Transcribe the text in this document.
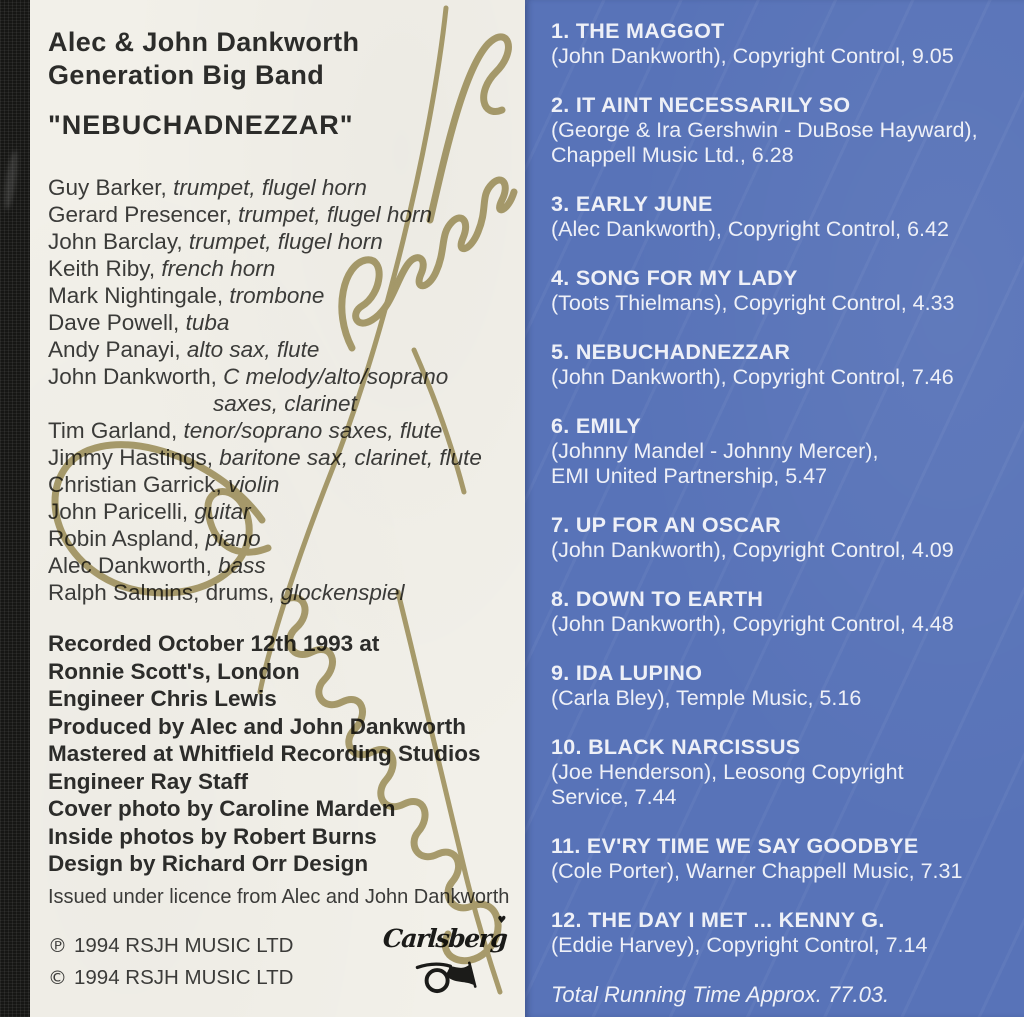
Alec & John Dankworth
Generation Big Band
"NEBUCHADNEZZAR"
Guy Barker, trumpet, flugel horn
Gerard Presencer, trumpet, flugel horn
John Barclay, trumpet, flugel horn
Keith Riby, french horn
Mark Nightingale, trombone
Dave Powell, tuba
Andy Panayi, alto sax, flute
John Dankworth, C melody/alto/soprano
saxes, clarinet
Tim Garland, tenor/soprano saxes, flute
Jimmy Hastings, baritone sax, clarinet, flute
Christian Garrick, violin
John Paricelli, guitar
Robin Aspland, piano
Alec Dankworth, bass
Ralph Salmins, drums, glockenspiel
Recorded October 12th 1993 at
Ronnie Scott's, London
Engineer Chris Lewis
Produced by Alec and John Dankworth
Mastered at Whitfield Recording Studios
Engineer Ray Staff
Cover photo by Caroline Marden
Inside photos by Robert Burns
Design by Richard Orr Design
Issued under licence from Alec and John Dankworth
℗ 1994 RSJH MUSIC LTD
© 1994 RSJH MUSIC LTD
Carlsberg
♥
1. THE MAGGOT
(John Dankworth), Copyright Control, 9.05
2. IT AINT NECESSARILY SO
(George & Ira Gershwin - DuBose Hayward),
Chappell Music Ltd., 6.28
3. EARLY JUNE
(Alec Dankworth), Copyright Control, 6.42
4. SONG FOR MY LADY
(Toots Thielmans), Copyright Control, 4.33
5. NEBUCHADNEZZAR
(John Dankworth), Copyright Control, 7.46
6. EMILY
(Johnny Mandel - Johnny Mercer),
EMI United Partnership, 5.47
7. UP FOR AN OSCAR
(John Dankworth), Copyright Control, 4.09
8. DOWN TO EARTH
(John Dankworth), Copyright Control, 4.48
9. IDA LUPINO
(Carla Bley), Temple Music, 5.16
10. BLACK NARCISSUS
(Joe Henderson), Leosong Copyright
Service, 7.44
11. EV'RY TIME WE SAY GOODBYE
(Cole Porter), Warner Chappell Music, 7.31
12. THE DAY I MET ... KENNY G.
(Eddie Harvey), Copyright Control, 7.14
Total Running Time Approx. 77.03.
